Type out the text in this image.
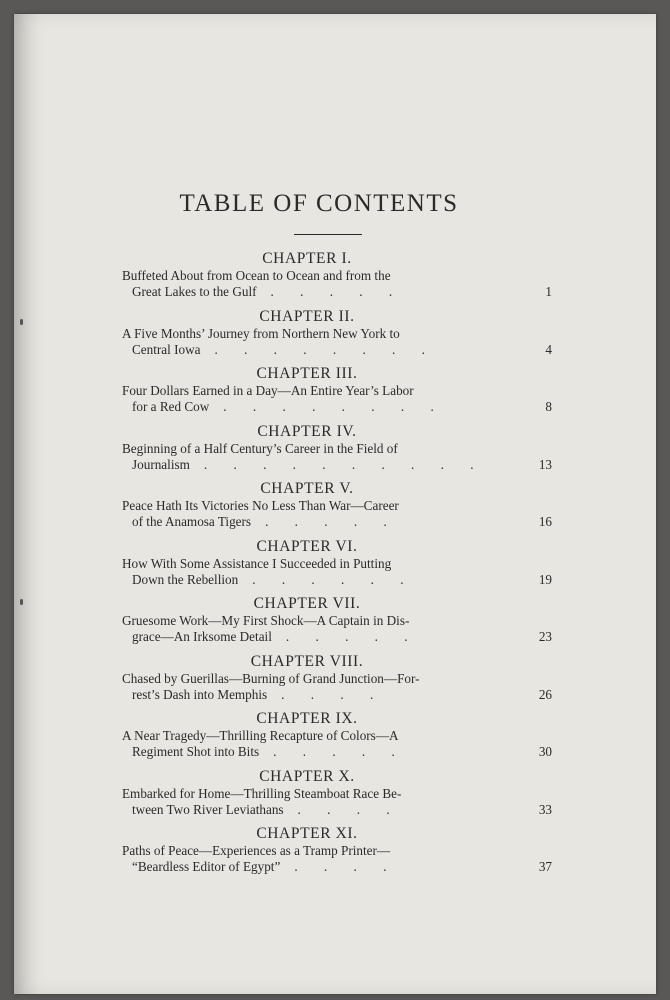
TABLE OF CONTENTS
CHAPTER I.
Buffeted About from Ocean to Ocean and from the
Great Lakes to the Gulf . . . . .	1
CHAPTER II.
A Five Months’ Journey from Northern New York to
Central Iowa . . . . . . . .	4
CHAPTER III.
Four Dollars Earned in a Day—An Entire Year’s Labor
for a Red Cow . . . . . . . .	8
CHAPTER IV.
Beginning of a Half Century’s Career in the Field of
Journalism . . . . . . . . . .	13
CHAPTER V.
Peace Hath Its Victories No Less Than War—Career
of the Anamosa Tigers . . . . .	16
CHAPTER VI.
How With Some Assistance I Succeeded in Putting
Down the Rebellion . . . . . .	19
CHAPTER VII.
Gruesome Work—My First Shock—A Captain in Dis-
grace—An Irksome Detail . . . . .	23
CHAPTER VIII.
Chased by Guerillas—Burning of Grand Junction—For-
rest’s Dash into Memphis . . . .	26
CHAPTER IX.
A Near Tragedy—Thrilling Recapture of Colors—A
Regiment Shot into Bits . . . . .	30
CHAPTER X.
Embarked for Home—Thrilling Steamboat Race Be-
tween Two River Leviathans . . . .	33
CHAPTER XI.
Paths of Peace—Experiences as a Tramp Printer—
“Beardless Editor of Egypt” . . . .	37
